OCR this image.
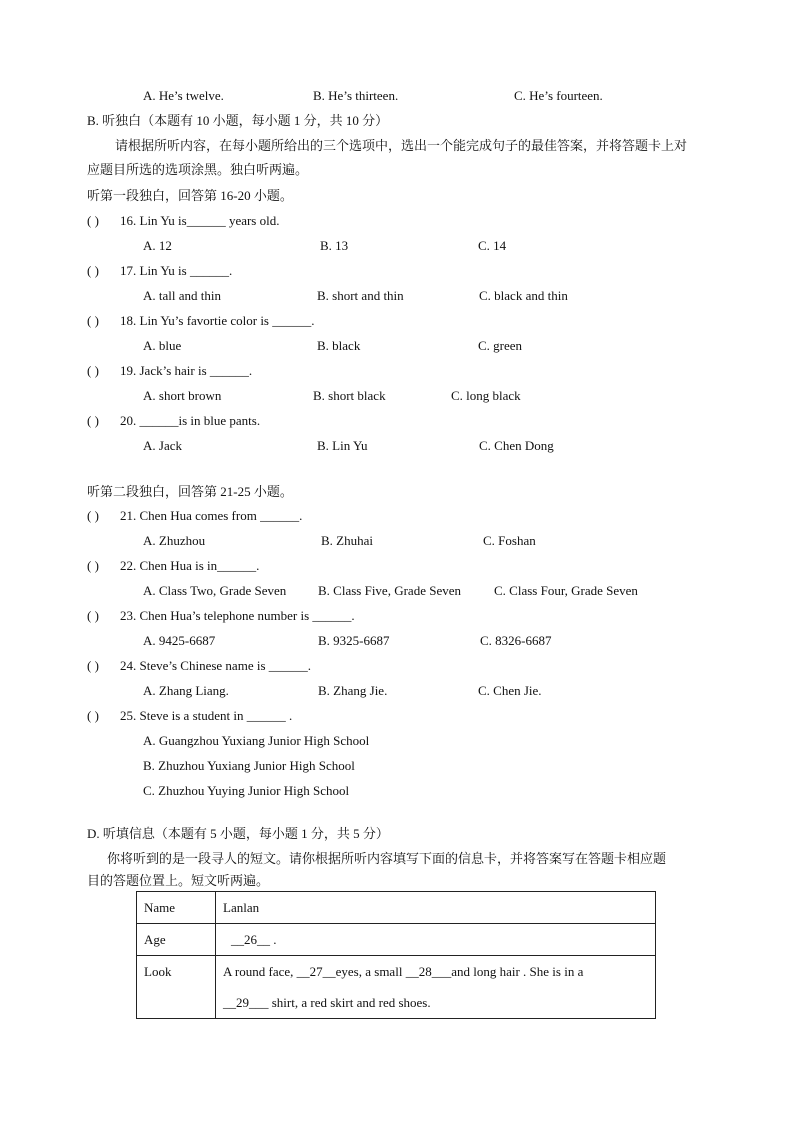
A. He’s twelve.	B. He’s thirteen.	C. He’s fourteen.
B. 听独白（本题有 10 小题，每小题 1 分，共 10 分）
请根据所听内容，在每小题所给出的三个选项中，选出一个能完成句子的最佳答案，并将答题卡上对
应题目所选的选项涂黑。独白听两遍。
听第一段独白，回答第 16-20 小题。
( ) 16. Lin Yu is______ years old.
A. 12	B. 13	C. 14
( ) 17. Lin Yu is ______.
A. tall and thin	B. short and thin	C. black and thin
( ) 18. Lin Yu’s favortie color is ______.
A. blue	B. black	C. green
( ) 19. Jack’s hair is ______.
A. short brown	B. short black	C. long black
( ) 20. ______is in blue pants.
A. Jack	B. Lin Yu	C. Chen Dong
听第二段独白，回答第 21-25 小题。
( ) 21. Chen Hua comes from ______.
A. Zhuzhou	B. Zhuhai	C. Foshan
( ) 22. Chen Hua is in______.
A. Class Two, Grade Seven B. Class Five, Grade Seven	C. Class Four, Grade Seven
( ) 23. Chen Hua’s telephone number is ______.
A. 9425-6687	B. 9325-6687	C. 8326-6687
( ) 24. Steve’s Chinese name is ______.
A. Zhang Liang.	B. Zhang Jie.	C. Chen Jie.
( ) 25. Steve is a student in ______ .
A. Guangzhou Yuxiang Junior High School
B. Zhuzhou Yuxiang Junior High School
C. Zhuzhou Yuying Junior High School
D. 听填信息（本题有 5 小题，每小题 1 分，共 5 分）
你将听到的是一段寻人的短文。请你根据所听内容填写下面的信息卡，并将答案写在答题卡相应题
目的答题位置上。短文听两遍。
Name	Lanlan
Age	__26__ .
Look	A round face, __27__eyes, a small __28___and long hair . She is in a
__29___ shirt, a red skirt and red shoes.
